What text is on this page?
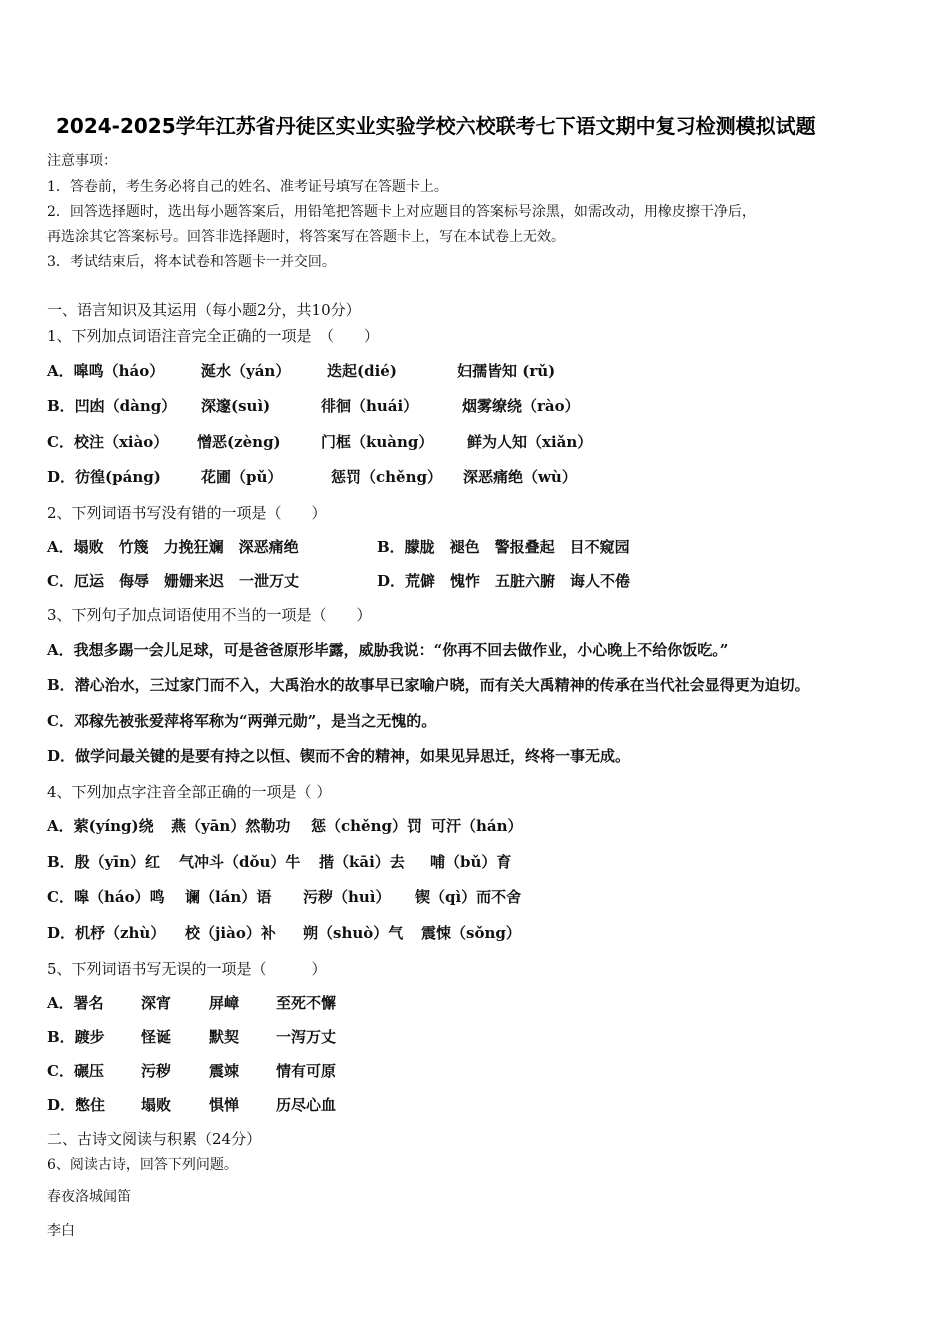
2024-2025学年江苏省丹徒区实业实验学校六校联考七下语文期中复习检测模拟试题
注意事项：
1．答卷前，考生务必将自己的姓名、准考证号填写在答题卡上。
2．回答选择题时，选出每小题答案后，用铅笔把答题卡上对应题目的答案标号涂黑，如需改动，用橡皮擦干净后，
再选涂其它答案标号。回答非选择题时，将答案写在答题卡上，写在本试卷上无效。
3．考试结束后，将本试卷和答题卡一并交回。
一、语言知识及其运用（每小题2分，共10分）
1、下列加点词语注音完全正确的一项是　（　　）
A．嗥鸣（háo） 涎水（yán） 迭起(dié)	妇孺皆知 (rǔ)
B．凹凼（dàng） 深邃(suì)	徘徊（huái）	烟雾缭绕（rào）
C．校注（xiào） 憎恶(zèng)	门框（kuàng） 鲜为人知（xiǎn）
D．彷徨(páng)	花圃（pǔ）	惩罚（chěng） 深恶痛绝（wù）
2、下列词语书写没有错的一项是（　　）
A．塌败　竹篾　力挽狂斓　深恶痛绝	B．朦胧　褪色　警报叠起　目不窥园
C．厄运　侮辱　姗姗来迟　一泄万丈	D．荒僻　愧怍　五脏六腑　诲人不倦
3、下列句子加点词语使用不当的一项是（　　）
A．我想多踢一会儿足球，可是爸爸原形毕露，威胁我说：“你再不回去做作业，小心晚上不给你饭吃。”
B．潜心治水，三过家门而不入，大禹治水的故事早已家喻户晓，而有关大禹精神的传承在当代社会显得更为迫切。
C．邓稼先被张爱萍将军称为“两弹元勋”，是当之无愧的。
D．做学问最关键的是要有持之以恒、锲而不舍的精神，如果见异思迁，终将一事无成。
4、下列加点字注音全部正确的一项是（ ）
A．萦(yíng)绕 燕（yān）然勒功 惩（chěng）罚 可汗（hán）
B．殷（yīn）红 气冲斗（dǒu）牛 揩（kāi）去 哺（bǔ）育
C．嗥（háo）鸣 谰（lán）语 污秽（huì） 锲（qì）而不舍
D．机杼（zhù） 校（jiào）补 朔（shuò）气 震悚（sǒng）
5、下列词语书写无误的一项是（　　　）
A．署名 深宵	屏嶂 至死不懈
B．踱步 怪诞	默契 一泻万丈
C．碾压 污秽	震竦 情有可原
D．憋住 塌败	惧惮 历尽心血
二、古诗文阅读与积累（24分）
6、阅读古诗，回答下列问题。
春夜洛城闻笛
李白
